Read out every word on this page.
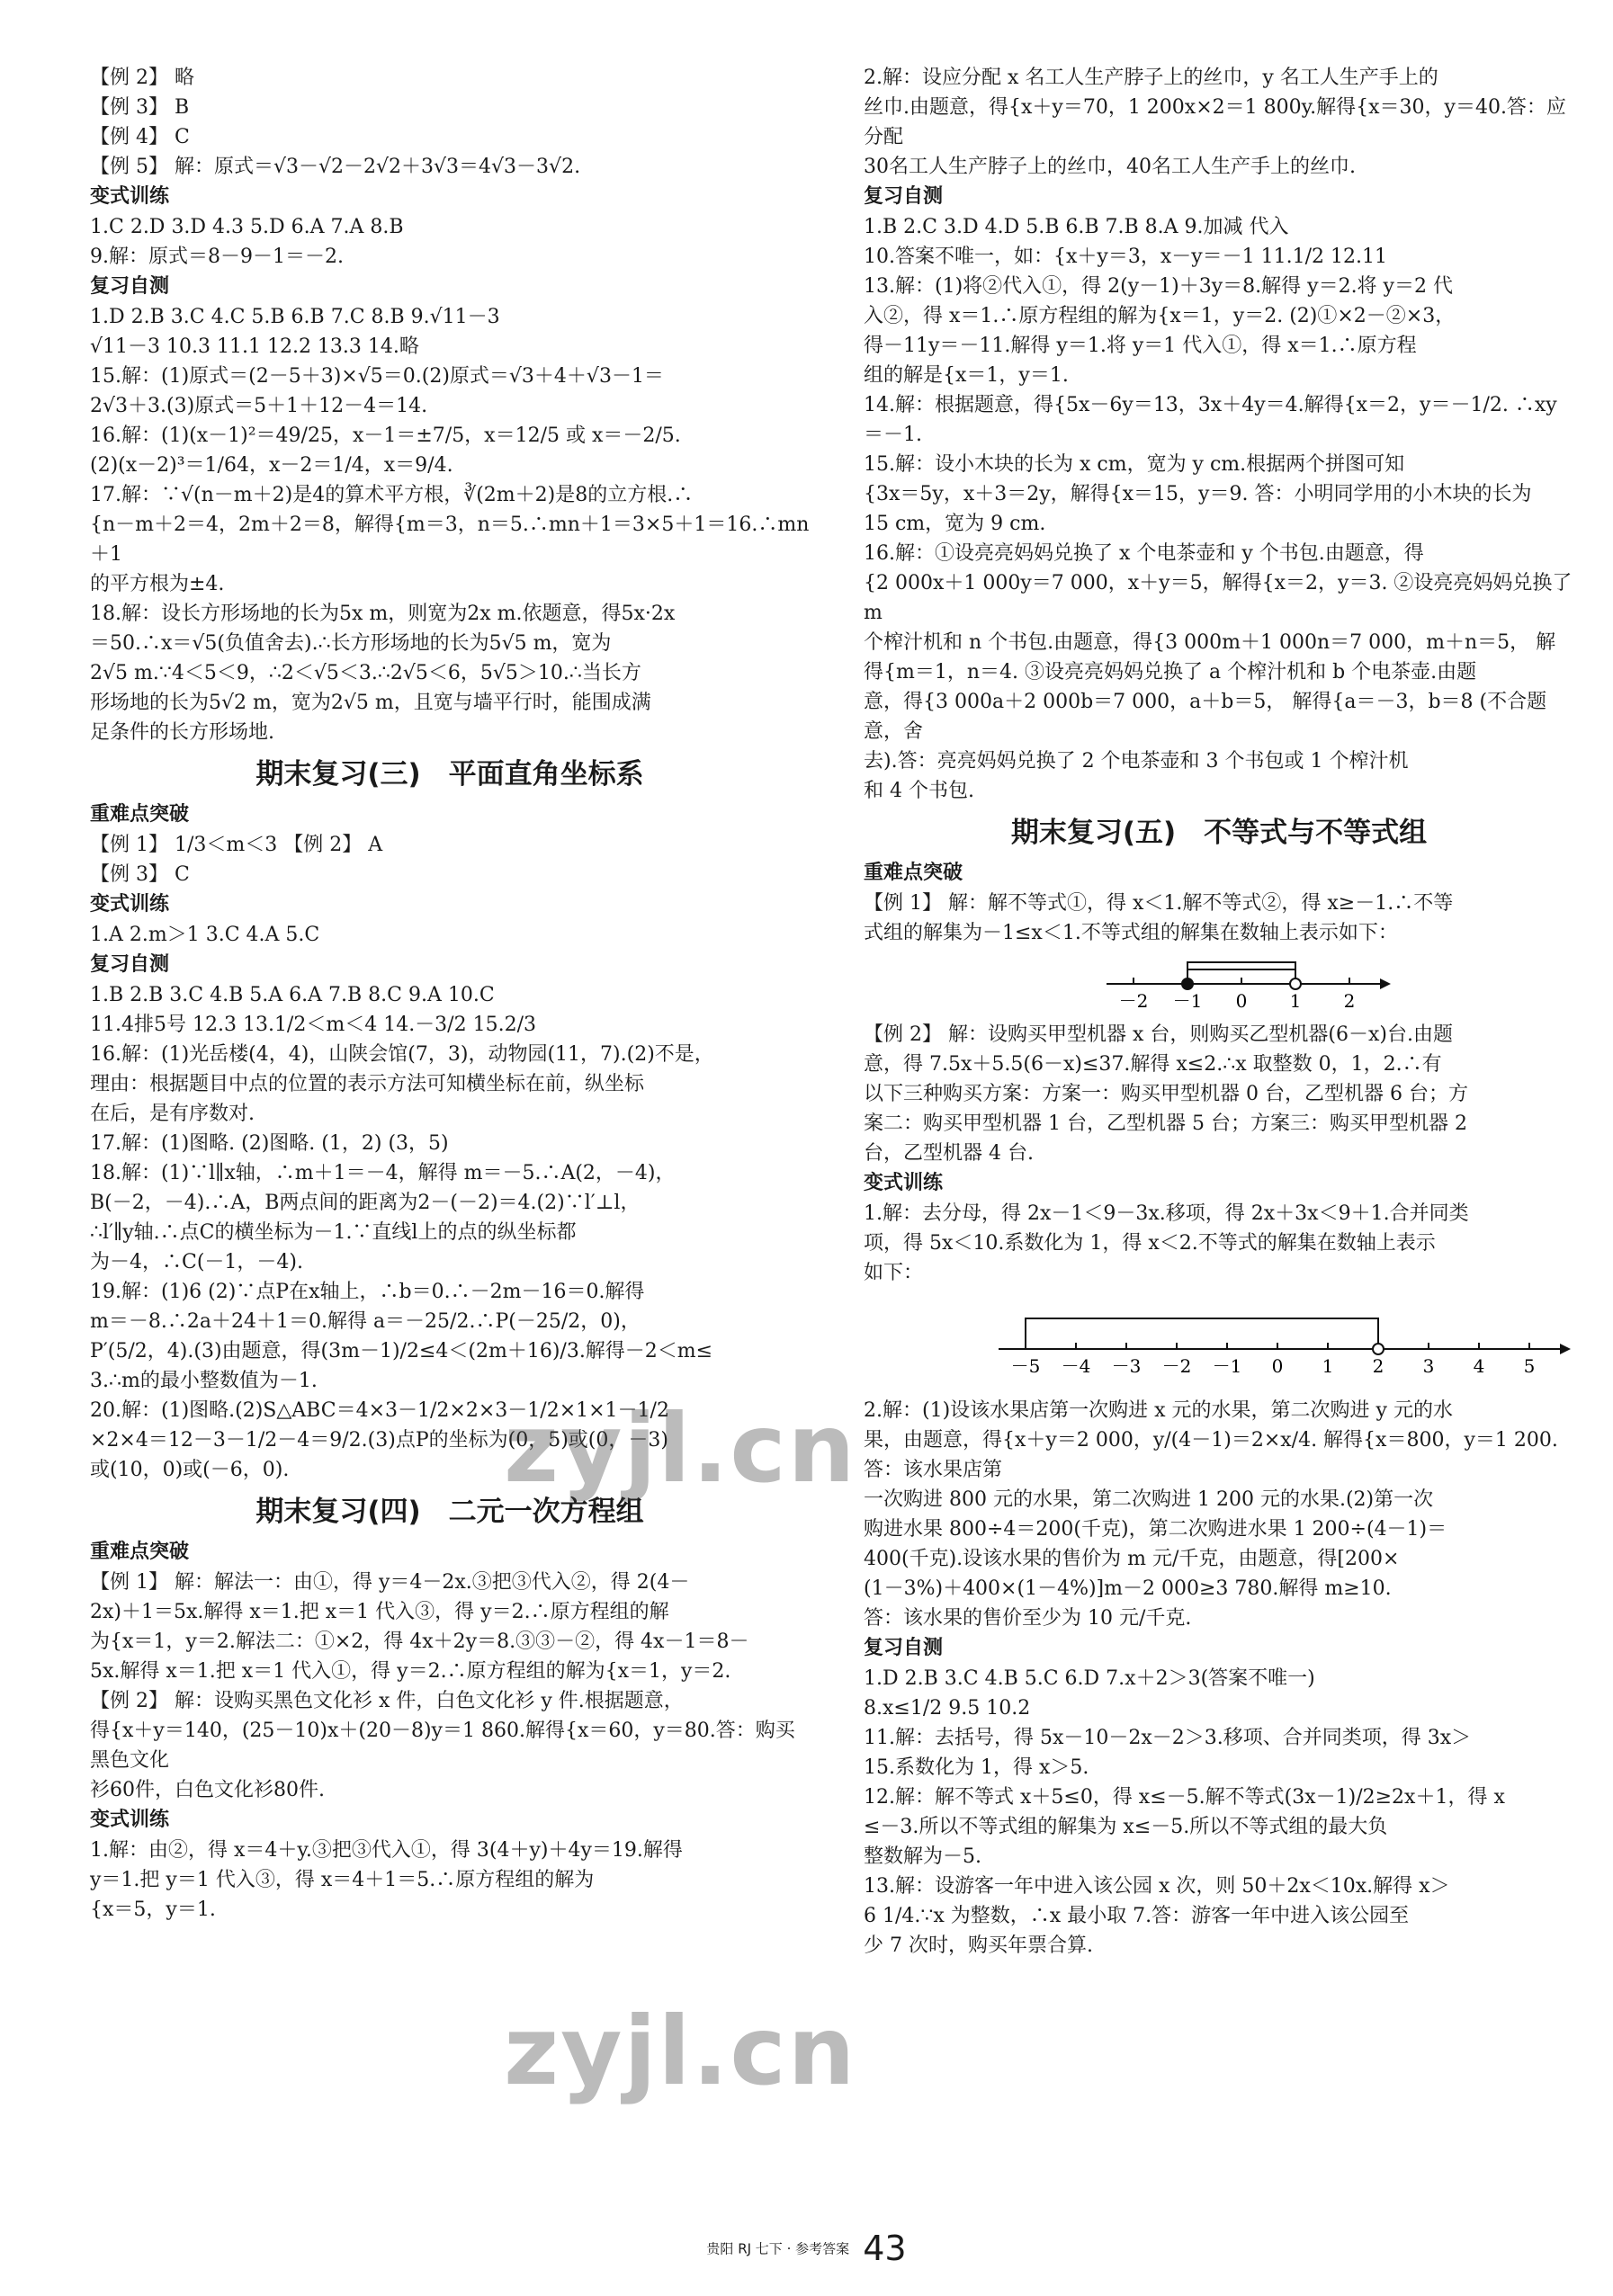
【例 2】 略
【例 3】 B
【例 4】 C
【例 5】 解：原式＝√3－√2－2√2＋3√3＝4√3－3√2.
变式训练
1.C 2.D 3.D 4.3 5.D 6.A 7.A 8.B
9.解：原式＝8－9－1＝－2.
复习自测
1.D 2.B 3.C 4.C 5.B 6.B 7.C 8.B 9.√11－3
√11－3 10.3 11.1 12.2 13.3 14.略
15.解：(1)原式＝(2－5＋3)×√5＝0.(2)原式＝√3＋4＋√3－1＝
2√3＋3.(3)原式＝5＋1＋12－4＝14.
16.解：(1)(x－1)²＝49/25，x－1＝±7/5，x＝12/5 或 x＝－2/5.
(2)(x－2)³＝1/64，x－2＝1/4，x＝9/4.
17.解：∵√(n－m＋2)是4的算术平方根，∛(2m＋2)是8的立方根.∴
{n－m＋2＝4，2m＋2＝8，解得{m＝3，n＝5.∴mn＋1＝3×5＋1＝16.∴mn＋1
的平方根为±4.
18.解：设长方形场地的长为5x m，则宽为2x m.依题意，得5x·2x
＝50.∴x＝√5(负值舍去).∴长方形场地的长为5√5 m，宽为
2√5 m.∵4＜5＜9，∴2＜√5＜3.∴2√5＜6，5√5＞10.∴当长方
形场地的长为5√2 m，宽为2√5 m，且宽与墙平行时，能围成满
足条件的长方形场地.
期末复习(三)　平面直角坐标系
重难点突破
【例 1】 1/3＜m＜3 【例 2】 A
【例 3】 C
变式训练
1.A 2.m＞1 3.C 4.A 5.C
复习自测
1.B 2.B 3.C 4.B 5.A 6.A 7.B 8.C 9.A 10.C
11.4排5号 12.3 13.1/2＜m＜4 14.－3/2 15.2/3
16.解：(1)光岳楼(4，4)，山陕会馆(7，3)，动物园(11，7).(2)不是，
理由：根据题目中点的位置的表示方法可知横坐标在前，纵坐标
在后，是有序数对.
17.解：(1)图略. (2)图略. (1，2) (3，5)
18.解：(1)∵l∥x轴，∴m＋1＝－4，解得 m＝－5.∴A(2，－4)，
B(－2，－4).∴A，B两点间的距离为2－(－2)＝4.(2)∵l′⊥l，
∴l′∥y轴.∴点C的横坐标为－1.∵直线l上的点的纵坐标都
为－4，∴C(－1，－4).
19.解：(1)6 (2)∵点P在x轴上，∴b＝0.∴－2m－16＝0.解得
m＝－8.∴2a＋24＋1＝0.解得 a＝－25/2.∴P(－25/2，0)，
P′(5/2，4).(3)由题意，得(3m－1)/2≤4＜(2m＋16)/3.解得－2＜m≤
3.∴m的最小整数值为－1.
20.解：(1)图略.(2)S△ABC＝4×3－1/2×2×3－1/2×1×1－1/2
×2×4＝12－3－1/2－4＝9/2.(3)点P的坐标为(0，5)或(0，－3)
或(10，0)或(－6，0).
期末复习(四)　二元一次方程组
重难点突破
【例 1】 解：解法一：由①，得 y＝4－2x.③把③代入②，得 2(4－
2x)＋1＝5x.解得 x＝1.把 x＝1 代入③，得 y＝2.∴原方程组的解
为{x＝1，y＝2.解法二：①×2，得 4x＋2y＝8.③③－②，得 4x－1＝8－
5x.解得 x＝1.把 x＝1 代入①，得 y＝2.∴原方程组的解为{x＝1，y＝2.
【例 2】 解：设购买黑色文化衫 x 件，白色文化衫 y 件.根据题意，
得{x＋y＝140，(25－10)x＋(20－8)y＝1 860.解得{x＝60，y＝80.答：购买黑色文化
衫60件，白色文化衫80件.
变式训练
1.解：由②，得 x＝4＋y.③把③代入①，得 3(4＋y)＋4y＝19.解得
y＝1.把 y＝1 代入③，得 x＝4＋1＝5.∴原方程组的解为
{x＝5，y＝1.
2.解：设应分配 x 名工人生产脖子上的丝巾，y 名工人生产手上的
丝巾.由题意，得{x＋y＝70，1 200x×2＝1 800y.解得{x＝30，y＝40.答：应分配
30名工人生产脖子上的丝巾，40名工人生产手上的丝巾.
复习自测
1.B 2.C 3.D 4.D 5.B 6.B 7.B 8.A 9.加减 代入
10.答案不唯一，如：{x＋y＝3，x－y＝－1 11.1/2 12.11
13.解：(1)将②代入①，得 2(y－1)＋3y＝8.解得 y＝2.将 y＝2 代
入②，得 x＝1.∴原方程组的解为{x＝1，y＝2. (2)①×2－②×3，
得－11y＝－11.解得 y＝1.将 y＝1 代入①，得 x＝1.∴原方程
组的解是{x＝1，y＝1.
14.解：根据题意，得{5x－6y＝13，3x＋4y＝4.解得{x＝2，y＝－1/2. ∴xy＝－1.
15.解：设小木块的长为 x cm，宽为 y cm.根据两个拼图可知
{3x＝5y，x＋3＝2y，解得{x＝15，y＝9. 答：小明同学用的小木块的长为
15 cm，宽为 9 cm.
16.解：①设亮亮妈妈兑换了 x 个电茶壶和 y 个书包.由题意，得
{2 000x＋1 000y＝7 000，x＋y＝5，解得{x＝2，y＝3. ②设亮亮妈妈兑换了 m
个榨汁机和 n 个书包.由题意，得{3 000m＋1 000n＝7 000，m＋n＝5， 解
得{m＝1，n＝4. ③设亮亮妈妈兑换了 a 个榨汁机和 b 个电茶壶.由题
意，得{3 000a＋2 000b＝7 000，a＋b＝5， 解得{a＝－3，b＝8 (不合题意，舍
去).答：亮亮妈妈兑换了 2 个电茶壶和 3 个书包或 1 个榨汁机
和 4 个书包.
期末复习(五)　不等式与不等式组
重难点突破
【例 1】 解：解不等式①，得 x＜1.解不等式②，得 x≥－1.∴不等
式组的解集为－1≤x＜1.不等式组的解集在数轴上表示如下：
－2 －1 0 1 2
【例 2】 解：设购买甲型机器 x 台，则购买乙型机器(6－x)台.由题
意，得 7.5x＋5.5(6－x)≤37.解得 x≤2.∴x 取整数 0，1，2.∴有
以下三种购买方案：方案一：购买甲型机器 0 台，乙型机器 6 台；方
案二：购买甲型机器 1 台，乙型机器 5 台；方案三：购买甲型机器 2
台，乙型机器 4 台.
变式训练
1.解：去分母，得 2x－1＜9－3x.移项，得 2x＋3x＜9＋1.合并同类
项，得 5x＜10.系数化为 1，得 x＜2.不等式的解集在数轴上表示
如下：
－5 －4 －3 －2 －1 0 1 2 3 4 5
2.解：(1)设该水果店第一次购进 x 元的水果，第二次购进 y 元的水
果，由题意，得{x＋y＝2 000，y/(4－1)＝2×x/4. 解得{x＝800，y＝1 200. 答：该水果店第
一次购进 800 元的水果，第二次购进 1 200 元的水果.(2)第一次
购进水果 800÷4＝200(千克)，第二次购进水果 1 200÷(4－1)＝
400(千克).设该水果的售价为 m 元/千克，由题意，得[200×
(1－3%)＋400×(1－4%)]m－2 000≥3 780.解得 m≥10.
答：该水果的售价至少为 10 元/千克.
复习自测
1.D 2.B 3.C 4.B 5.C 6.D 7.x＋2＞3(答案不唯一)
8.x≤1/2 9.5 10.2
11.解：去括号，得 5x－10－2x－2＞3.移项、合并同类项，得 3x＞
15.系数化为 1，得 x＞5.
12.解：解不等式 x＋5≤0，得 x≤－5.解不等式(3x－1)/2≥2x＋1，得 x
≤－3.所以不等式组的解集为 x≤－5.所以不等式组的最大负
整数解为－5.
13.解：设游客一年中进入该公园 x 次，则 50＋2x＜10x.解得 x＞
6 1/4.∵x 为整数，∴x 最小取 7.答：游客一年中进入该公园至
少 7 次时，购买年票合算.
zyjl.cn
zyjl.cn
贵阳 RJ 七下 · 参考答案 43
